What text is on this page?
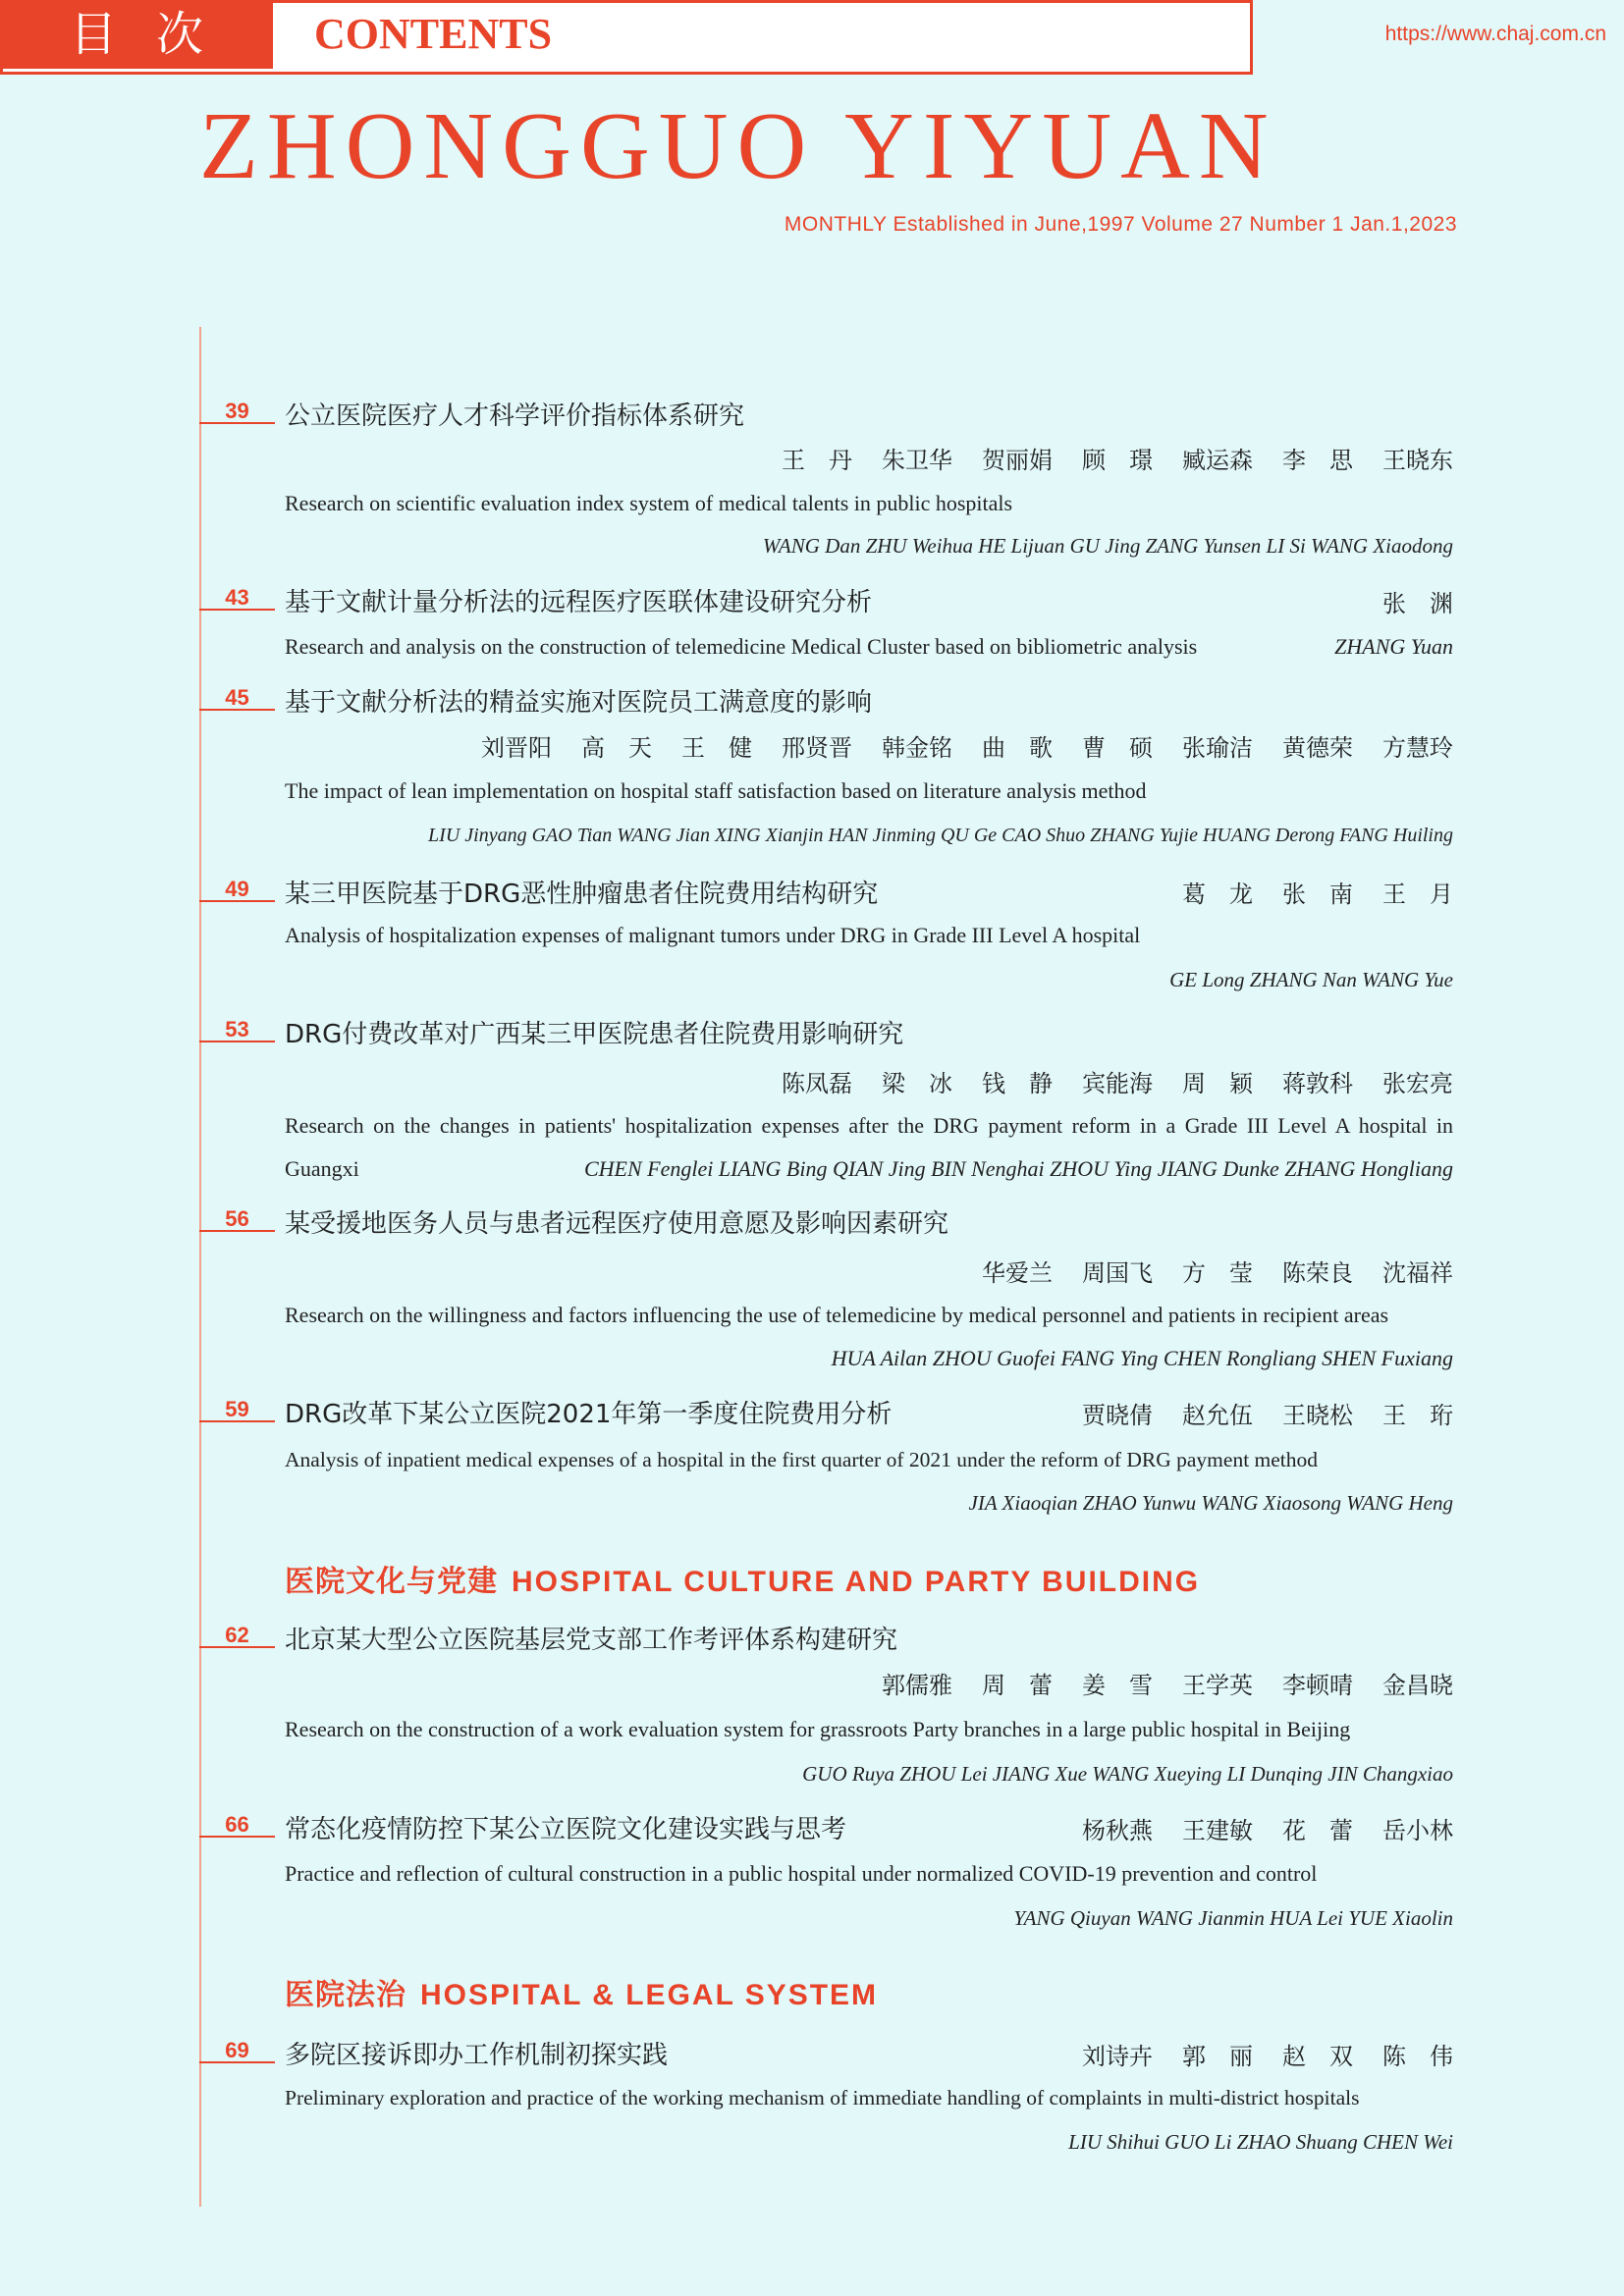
ZHONGGUO YIYUAN
MONTHLY Established in June,1997 Volume 27 Number 1 Jan.1,2023
目次	CONTENTS	https://www.chaj.com.cn
39	公立医院医疗人才科学评价指标体系研究
王　丹 朱卫华 贺丽娟 顾　璟 臧运森 李　思 王晓东
Research on scientific evaluation index system of medical talents in public hospitals
WANG Dan ZHU Weihua HE Lijuan GU Jing ZANG Yunsen LI Si WANG Xiaodong
43	基于文献计量分析法的远程医疗医联体建设研究分析	张　渊
Research and analysis on the construction of telemedicine Medical Cluster based on bibliometric analysis	ZHANG Yuan
45	基于文献分析法的精益实施对医院员工满意度的影响
刘晋阳 高　天 王　健 邢贤晋 韩金铭 曲　歌 曹　硕 张瑜洁 黄德荣 方慧玲
The impact of lean implementation on hospital staff satisfaction based on literature analysis method
LIU Jinyang GAO Tian WANG Jian XING Xianjin HAN Jinming QU Ge CAO Shuo ZHANG Yujie HUANG Derong FANG Huiling
49	某三甲医院基于DRG恶性肿瘤患者住院费用结构研究	葛　龙 张　南 王　月
Analysis of hospitalization expenses of malignant tumors under DRG in Grade III Level A hospital
GE Long ZHANG Nan WANG Yue
53	DRG付费改革对广西某三甲医院患者住院费用影响研究
陈凤磊 梁　冰 钱　静 宾能海 周　颖 蒋敦科 张宏亮
Research on the changes in patients' hospitalization expenses after the DRG payment reform in a Grade III Level A hospital in Guangxi	CHEN Fenglei LIANG Bing QIAN Jing BIN Nenghai ZHOU Ying JIANG Dunke ZHANG Hongliang
56	某受援地医务人员与患者远程医疗使用意愿及影响因素研究
华爱兰 周国飞 方　莹 陈荣良 沈福祥
Research on the willingness and factors influencing the use of telemedicine by medical personnel and patients in recipient areas
HUA Ailan ZHOU Guofei FANG Ying CHEN Rongliang SHEN Fuxiang
59	DRG改革下某公立医院2021年第一季度住院费用分析	贾晓倩 赵允伍 王晓松 王　珩
Analysis of inpatient medical expenses of a hospital in the first quarter of 2021 under the reform of DRG payment method
JIA Xiaoqian ZHAO Yunwu WANG Xiaosong WANG Heng
医院文化与党建 HOSPITAL CULTURE AND PARTY BUILDING
62	北京某大型公立医院基层党支部工作考评体系构建研究
郭儒雅 周　蕾 姜　雪 王学英 李顿晴 金昌晓
Research on the construction of a work evaluation system for grassroots Party branches in a large public hospital in Beijing
GUO Ruya ZHOU Lei JIANG Xue WANG Xueying LI Dunqing JIN Changxiao
66	常态化疫情防控下某公立医院文化建设实践与思考	杨秋燕 王建敏 花　蕾 岳小林
Practice and reflection of cultural construction in a public hospital under normalized COVID-19 prevention and control
YANG Qiuyan WANG Jianmin HUA Lei YUE Xiaolin
医院法治 HOSPITAL & LEGAL SYSTEM
69	多院区接诉即办工作机制初探实践	刘诗卉 郭　丽 赵　双 陈　伟
Preliminary exploration and practice of the working mechanism of immediate handling of complaints in multi-district hospitals
LIU Shihui GUO Li ZHAO Shuang CHEN Wei
